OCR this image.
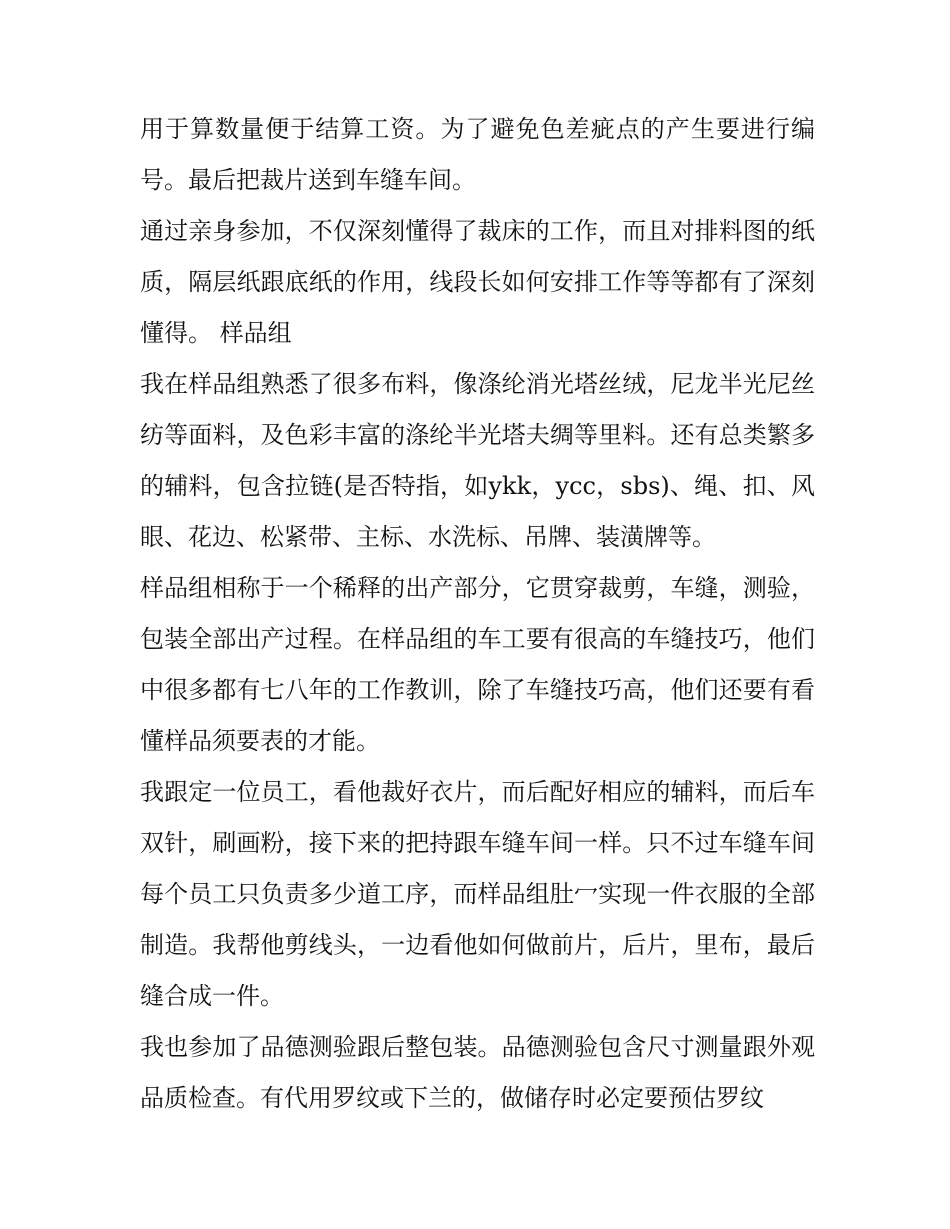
用于算数量便于结算工资。为了避免色差疵点的产生要进行编号。最后把裁片送到车缝车间。

通过亲身参加，不仅深刻懂得了裁床的工作，而且对排料图的纸质，隔层纸跟底纸的作用，线段长如何安排工作等等都有了深刻懂得。 样品组

我在样品组熟悉了很多布料，像涤纶消光塔丝绒，尼龙半光尼丝纺等面料，及色彩丰富的涤纶半光塔夫绸等里料。还有总类繁多的辅料，包含拉链(是否特指，如ykk，ycc，sbs)、绳、扣、风眼、花边、松紧带、主标、水洗标、吊牌、装潢牌等。

样品组相称于一个稀释的出产部分，它贯穿裁剪，车缝，测验，包装全部出产过程。在样品组的车工要有很高的车缝技巧，他们中很多都有七八年的工作教训，除了车缝技巧高，他们还要有看懂样品须要表的才能。

我跟定一位员工，看他裁好衣片，而后配好相应的辅料，而后车双针，刷画粉，接下来的把持跟车缝车间一样。只不过车缝车间每个员工只负责多少道工序，而样品组肚冖实现一件衣服的全部制造。我帮他剪线头，一边看他如何做前片，后片，里布，最后缝合成一件。

我也参加了品德测验跟后整包装。品德测验包含尺寸测量跟外观品质检查。有代用罗纹或下兰的，做储存时必定要预估罗纹
